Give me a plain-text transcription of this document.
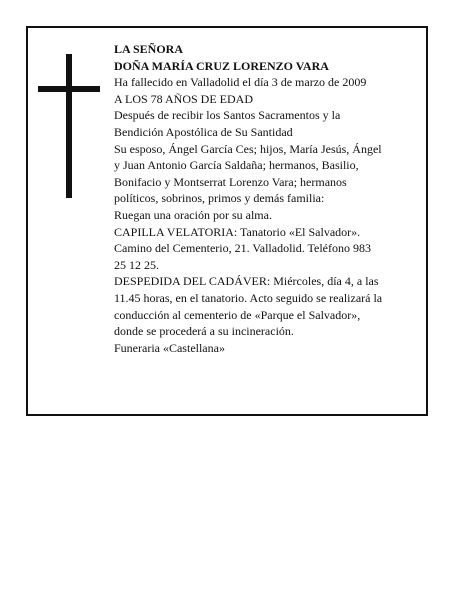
LA SEÑORA
DOÑA MARÍA CRUZ LORENZO VARA
Ha fallecido en Valladolid el día 3 de marzo de 2009
A LOS 78 AÑOS DE EDAD
Después de recibir los Santos Sacramentos y la
Bendición Apostólica de Su Santidad
Su esposo, Ángel García Ces; hijos, María Jesús, Ángel
y Juan Antonio García Saldaña; hermanos, Basilio,
Bonifacio y Montserrat Lorenzo Vara; hermanos
políticos, sobrinos, primos y demás familia:
Ruegan una oración por su alma.
CAPILLA VELATORIA: Tanatorio «El Salvador».
Camino del Cementerio, 21. Valladolid. Teléfono 983
25 12 25.
DESPEDIDA DEL CADÁVER: Miércoles, día 4, a las
11.45 horas, en el tanatorio. Acto seguido se realizará la
conducción al cementerio de «Parque el Salvador»,
donde se procederá a su incineración.
Funeraria «Castellana»
